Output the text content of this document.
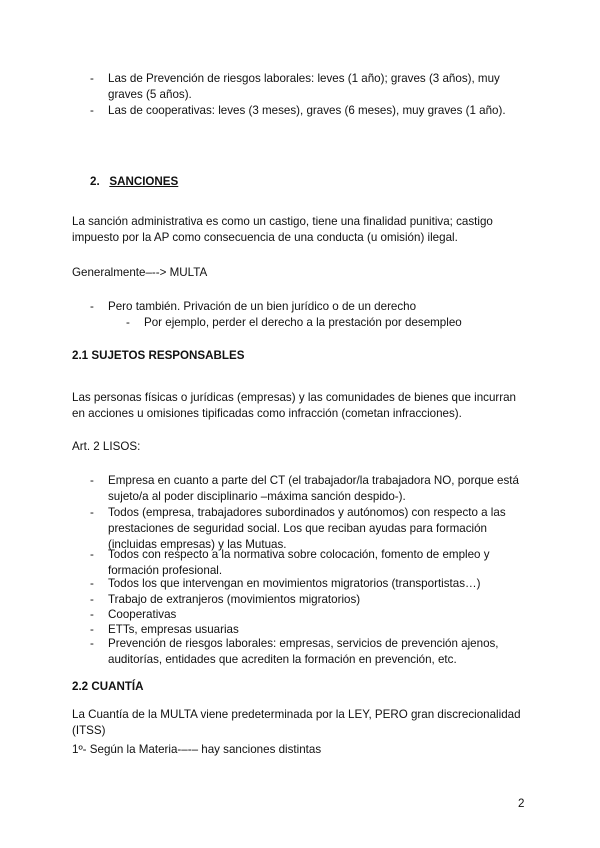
- Las de Prevención de riesgos laborales: leves (1 año); graves (3 años), muy graves (5 años).
- Las de cooperativas: leves (3 meses), graves (6 meses), muy graves (1 año).
2. SANCIONES

La sanción administrativa es como un castigo, tiene una finalidad punitiva; castigo impuesto por la AP como consecuencia de una conducta (u omisión) ilegal.

Generalmente–--> MULTA

- Pero también. Privación de un bien jurídico o de un derecho
- Por ejemplo, perder el derecho a la prestación por desempleo
2.1 SUJETOS RESPONSABLES

Las personas físicas o jurídicas (empresas) y las comunidades de bienes que incurran en acciones u omisiones tipificadas como infracción (cometan infracciones).

Art. 2 LISOS:

- Empresa en cuanto a parte del CT (el trabajador/la trabajadora NO, porque está sujeto/a al poder disciplinario –máxima sanción despido-).
- Todos (empresa, trabajadores subordinados y autónomos) con respecto a las prestaciones de seguridad social. Los que reciban ayudas para formación (incluidas empresas) y las Mutuas.
- Todos con respecto a la normativa sobre colocación, fomento de empleo y formación profesional.
- Todos los que intervengan en movimientos migratorios (transportistas…)
- Trabajo de extranjeros (movimientos migratorios)
- Cooperativas
- ETTs, empresas usuarias
- Prevención de riesgos laborales: empresas, servicios de prevención ajenos, auditorías, entidades que acrediten la formación en prevención, etc.
2.2 CUANTÍA

La Cuantía de la MULTA viene predeterminada por la LEY, PERO gran discrecionalidad (ITSS)

1º- Según la Materia-–-– hay sanciones distintas

2
